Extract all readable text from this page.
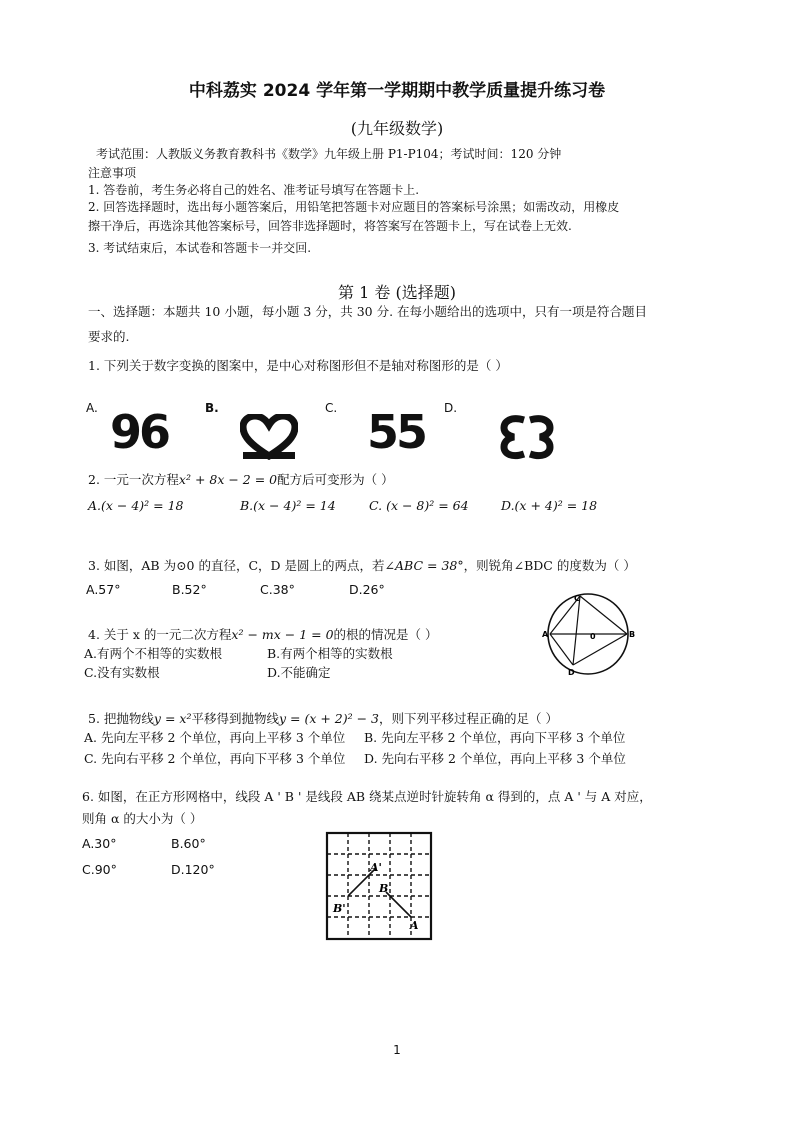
中科荔实 2024 学年第一学期期中教学质量提升练习卷
(九年级数学)
考试范围：人教版义务教育教科书《数学》九年级上册 P1-P104；考试时间：120 分钟
注意事项
1. 答卷前，考生务必将自己的姓名、准考证号填写在答题卡上.
2. 回答选择题时，选出每小题答案后，用铅笔把答题卡对应题目的答案标号涂黑；如需改动，用橡皮
擦干净后，再选涂其他答案标号，回答非选择题时，将答案写在答题卡上，写在试卷上无效.
3. 考试结束后，本试卷和答题卡一并交回.
第 1 卷 (选择题)
一、选择题：本题共 10 小题，每小题 3 分，共 30 分. 在每小题给出的选项中，只有一项是符合题目
要求的.
1. 下列关于数字变换的图案中，是中心对称图形但不是轴对称图形的是（ ）
A.	B.	C.	D.
96	55
2. 一元一次方程x² + 8x − 2 = 0配方后可变形为（ ）
A.(x − 4)² = 18	B.(x − 4)² = 14	C. (x − 8)² = 64	D.(x + 4)² = 18
3. 如图，AB 为⊙0 的直径，C，D 是圆上的两点，若∠ABC = 38°，则锐角∠BDC 的度数为（ ）
A.57°	B.52°	C.38°	D.26°
C
A	0	B
D
4. 关于 x 的一元二次方程x² − mx − 1 = 0的根的情况是（ ）
A.有两个不相等的实数根	B.有两个相等的实数根
C.没有实数根	D.不能确定
5. 把抛物线y = x²平移得到抛物线y = (x + 2)² − 3，则下列平移过程正确的足（ ）
A. 先向左平移 2 个单位，再向上平移 3 个单位 B. 先向左平移 2 个单位，再向下平移 3 个单位
C. 先向右平移 2 个单位，再向下平移 3 个单位 D. 先向右平移 2 个单位，再向上平移 3 个单位
6. 如图，在正方形网格中，线段 A ' B ' 是线段 AB 绕某点逆时针旋转角 α 得到的，点 A ' 与 A 对应，
则角 α 的大小为（ ）
A.30°	B.60°
C.90°	D.120°	A'
B
B'
A
1
